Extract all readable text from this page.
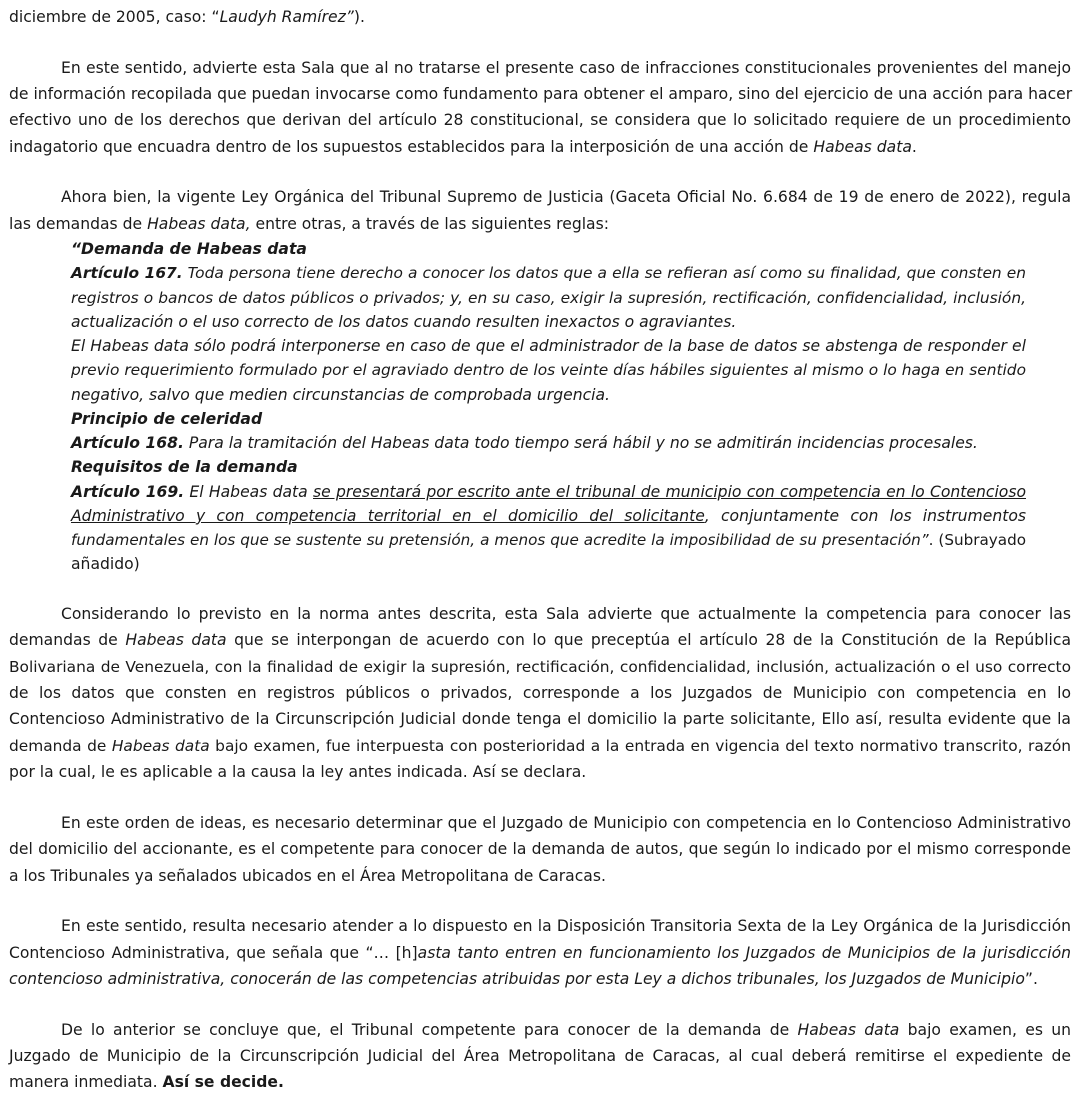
diciembre de 2005, caso: “Laudyh Ramírez”).
En este sentido, advierte esta Sala que al no tratarse el presente caso de infracciones constitucionales provenientes del manejo
de información recopilada que puedan invocarse como fundamento para obtener el amparo, sino del ejercicio de una acción para hacer
efectivo uno de los derechos que derivan del artículo 28 constitucional, se considera que lo solicitado requiere de un procedimiento
indagatorio que encuadra dentro de los supuestos establecidos para la interposición de una acción de Habeas data.
Ahora bien, la vigente Ley Orgánica del Tribunal Supremo de Justicia (Gaceta Oficial No. 6.684 de 19 de enero de 2022), regula
las demandas de Habeas data, entre otras, a través de las siguientes reglas:
“Demanda de Habeas data
Artículo 167. Toda persona tiene derecho a conocer los datos que a ella se refieran así como su finalidad, que consten en
registros o bancos de datos públicos o privados; y, en su caso, exigir la supresión, rectificación, confidencialidad, inclusión,
actualización o el uso correcto de los datos cuando resulten inexactos o agraviantes.
El Habeas data sólo podrá interponerse en caso de que el administrador de la base de datos se abstenga de responder el
previo requerimiento formulado por el agraviado dentro de los veinte días hábiles siguientes al mismo o lo haga en sentido
negativo, salvo que medien circunstancias de comprobada urgencia.
Principio de celeridad
Artículo 168. Para la tramitación del Habeas data todo tiempo será hábil y no se admitirán incidencias procesales.
Requisitos de la demanda
Artículo 169. El Habeas data se presentará por escrito ante el tribunal de municipio con competencia en lo Contencioso
Administrativo y con competencia territorial en el domicilio del solicitante, conjuntamente con los instrumentos
fundamentales en los que se sustente su pretensión, a menos que acredite la imposibilidad de su presentación”. (Subrayado
añadido)
Considerando lo previsto en la norma antes descrita, esta Sala advierte que actualmente la competencia para conocer las
demandas de Habeas data que se interpongan de acuerdo con lo que preceptúa el artículo 28 de la Constitución de la República
Bolivariana de Venezuela, con la finalidad de exigir la supresión, rectificación, confidencialidad, inclusión, actualización o el uso correcto
de los datos que consten en registros públicos o privados, corresponde a los Juzgados de Municipio con competencia en lo
Contencioso Administrativo de la Circunscripción Judicial donde tenga el domicilio la parte solicitante, Ello así, resulta evidente que la
demanda de Habeas data bajo examen, fue interpuesta con posterioridad a la entrada en vigencia del texto normativo transcrito, razón
por la cual, le es aplicable a la causa la ley antes indicada. Así se declara.
En este orden de ideas, es necesario determinar que el Juzgado de Municipio con competencia en lo Contencioso Administrativo
del domicilio del accionante, es el competente para conocer de la demanda de autos, que según lo indicado por el mismo corresponde
a los Tribunales ya señalados ubicados en el Área Metropolitana de Caracas.
En este sentido, resulta necesario atender a lo dispuesto en la Disposición Transitoria Sexta de la Ley Orgánica de la Jurisdicción
Contencioso Administrativa, que señala que “… [h]asta tanto entren en funcionamiento los Juzgados de Municipios de la jurisdicción
contencioso administrativa, conocerán de las competencias atribuidas por esta Ley a dichos tribunales, los Juzgados de Municipio”.
De lo anterior se concluye que, el Tribunal competente para conocer de la demanda de Habeas data bajo examen, es un
Juzgado de Municipio de la Circunscripción Judicial del Área Metropolitana de Caracas, al cual deberá remitirse el expediente de
manera inmediata. Así se decide.
